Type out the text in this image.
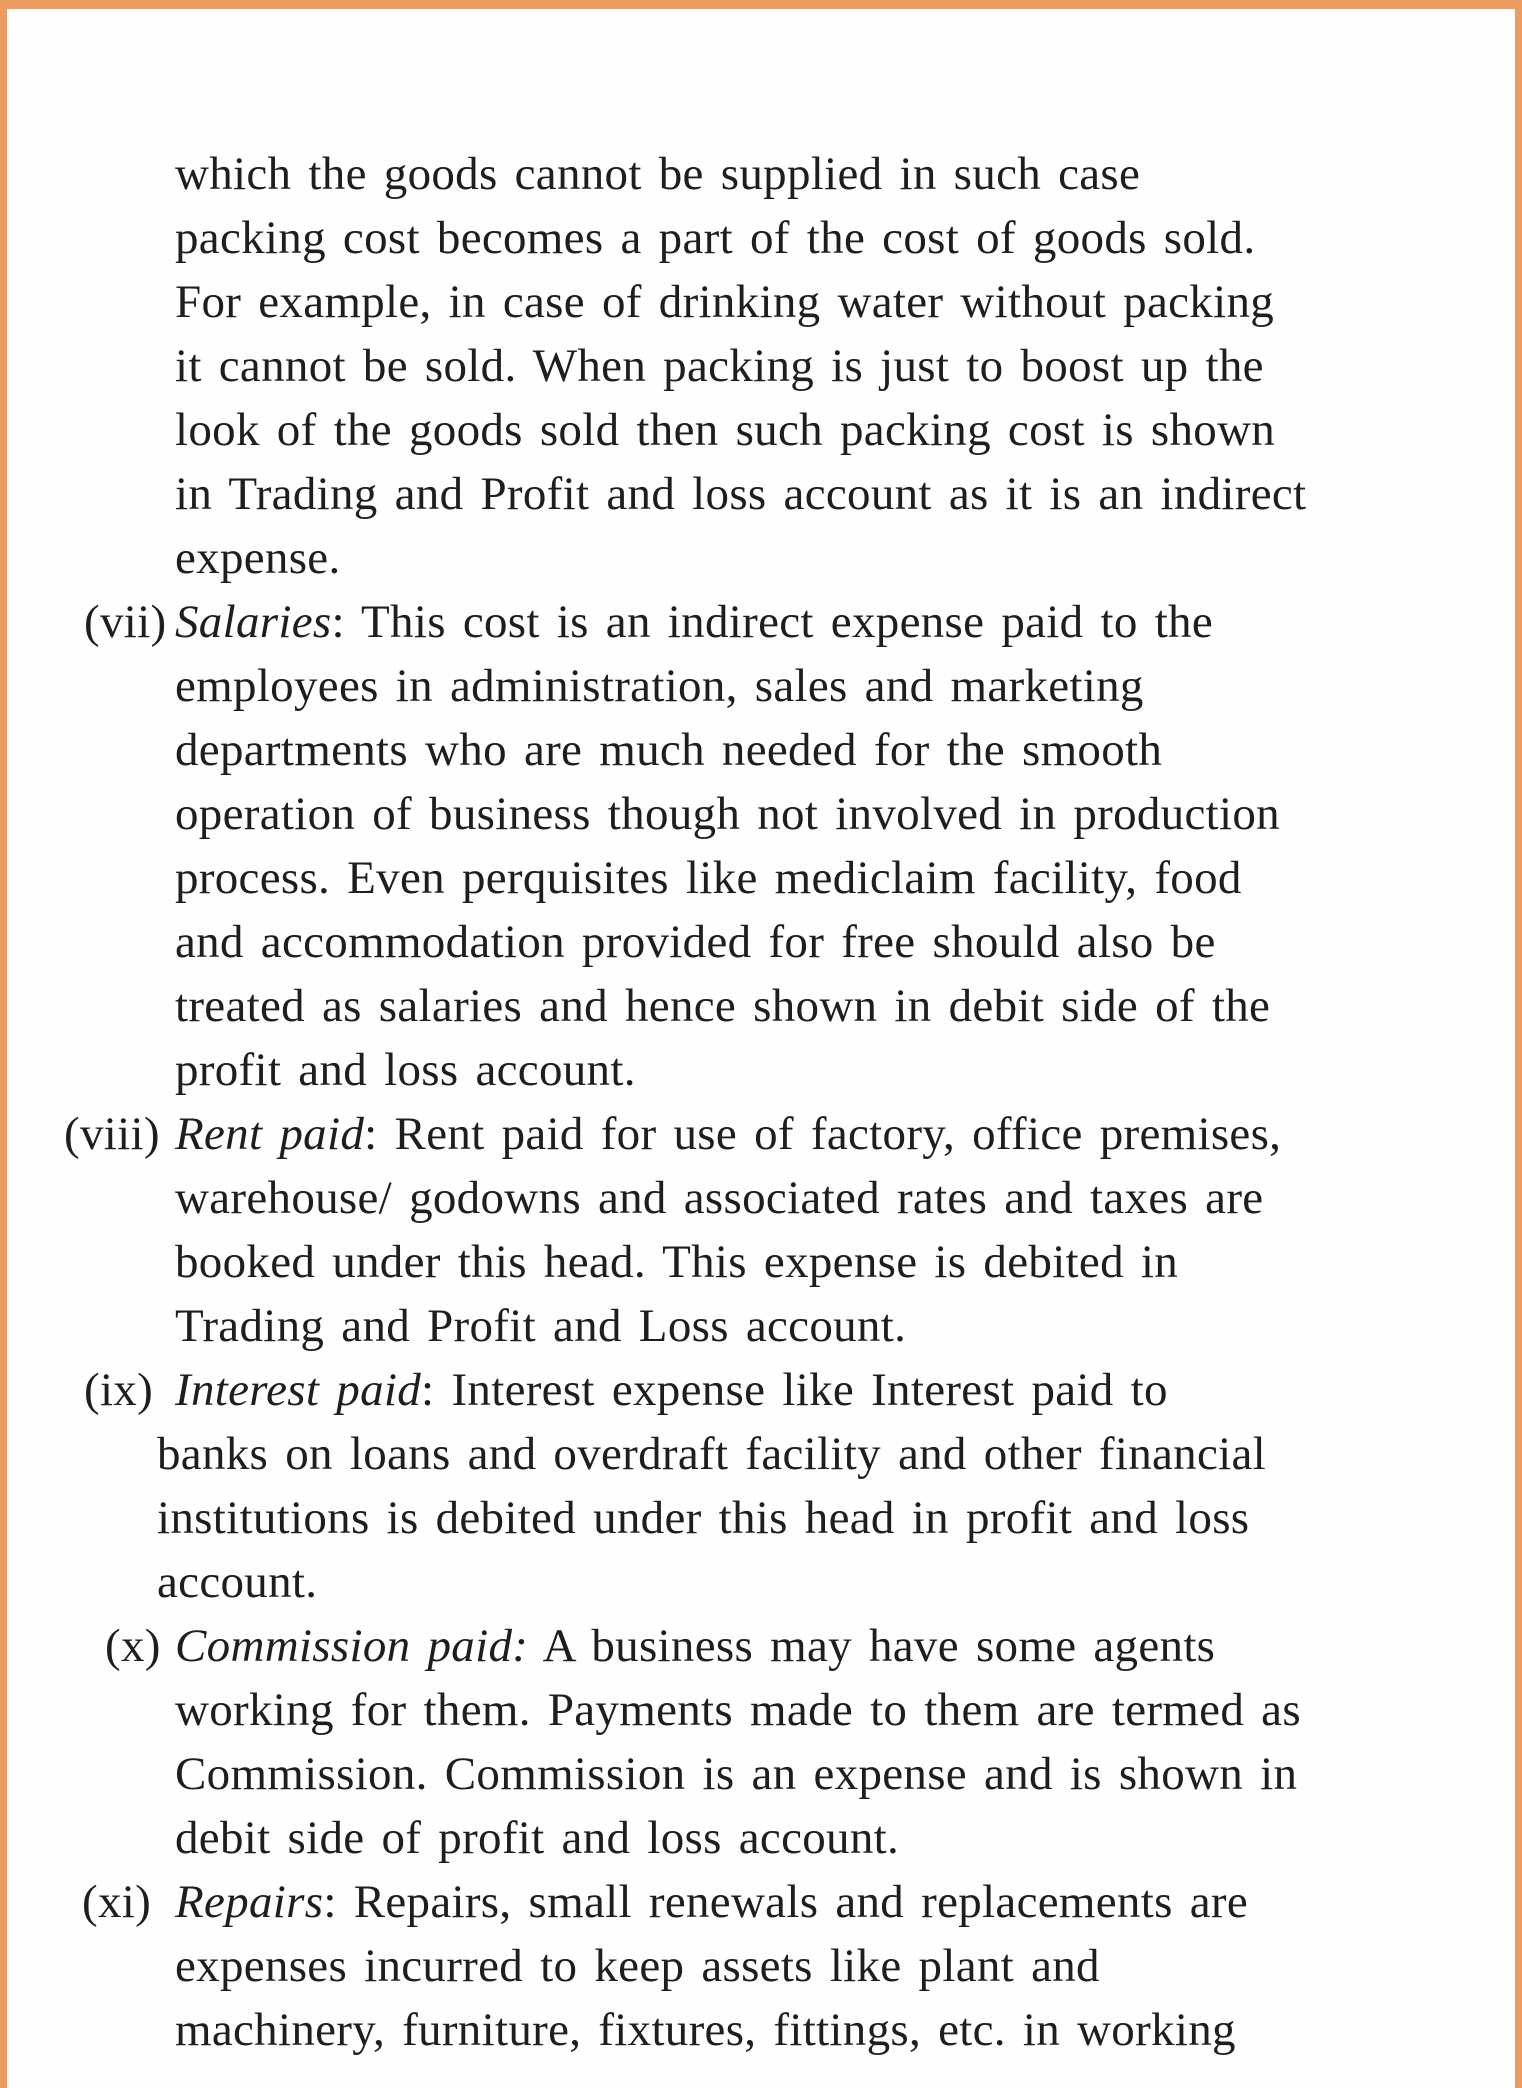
which the goods cannot be supplied in such case
packing cost becomes a part of the cost of goods sold.
For example, in case of drinking water without packing
it cannot be sold. When packing is just to boost up the
look of the goods sold then such packing cost is shown
in Trading and Profit and loss account as it is an indirect
expense.
(vii) Salaries: This cost is an indirect expense paid to the
employees in administration, sales and marketing
departments who are much needed for the smooth
operation of business though not involved in production
process. Even perquisites like mediclaim facility, food
and accommodation provided for free should also be
treated as salaries and hence shown in debit side of the
profit and loss account.
(viii) Rent paid: Rent paid for use of factory, office premises,
warehouse/ godowns and associated rates and taxes are
booked under this head. This expense is debited in
Trading and Profit and Loss account.
(ix) Interest paid: Interest expense like Interest paid to
banks on loans and overdraft facility and other financial
institutions is debited under this head in profit and loss
account.
(x) Commission paid: A business may have some agents
working for them. Payments made to them are termed as
Commission. Commission is an expense and is shown in
debit side of profit and loss account.
(xi) Repairs: Repairs, small renewals and replacements are
expenses incurred to keep assets like plant and
machinery, furniture, fixtures, fittings, etc. in working
